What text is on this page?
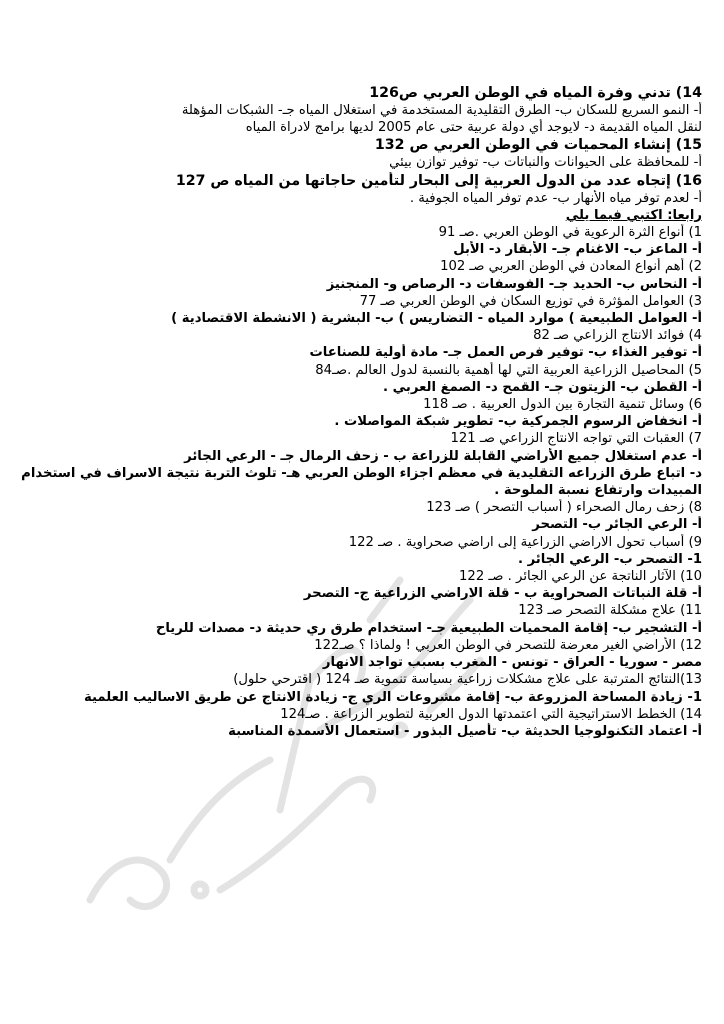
14) تدني وفرة المياه في الوطن العربي ص126
أ- النمو السريع للسكان ب- الطرق التقليدية المستخدمة في استغلال المياه جـ- الشبكات المؤهلة
لنقل المياه القديمة د- لايوجد أي دولة عربية حتى عام 2005 لديها برامج لادراة المياه
15) إنشاء المحميات في الوطن العربي ص 132
أ- للمحافظة على الحيوانات والنباتات ب- توفير توازن بيئي
16) إتجاه عدد من الدول العربية إلى البحار لتأمين حاجاتها من المياه ص 127
أ- لعدم توفر مياه الأنهار ب- عدم توفر المياه الجوفية .
رابعا: اكتبي فيما يلي
1) أنواع الثرة الرعوية في الوطن العربي .صـ 91
أ- الماعز ب- الاغنام جـ- الأبقار د- الأبل
2) أهم أنواع المعادن في الوطن العربي صـ 102
أ- النحاس ب- الحديد جـ- الفوسفات د- الرصاص و- المنجنيز
3) العوامل المؤثرة في توزيع السكان في الوطن العربي صـ 77
أ- العوامل الطبيعية ) موارد المياه - التضاريس ) ب- البشرية ( الانشطة الاقتصادية )
4) فوائد الانتاج الزراعي صـ 82
أ- توفير الغذاء ب- توفير فرص العمل جـ- مادة أولية للصناعات
5) المحاصيل الزراعية العربية التي لها أهمية بالنسبة لدول العالم .صـ84
أ- القطن ب- الزيتون جـ- القمح د- الصمغ العربي .
6) وسائل تنمية التجارة بين الدول العربية . صـ 118
أ- انخفاض الرسوم الجمركية ب- تطوير شبكة المواصلات .
7) العقبات التي تواجه الانتاج الزراعي صـ 121
أ- عدم استغلال جميع الأراضي القابلة للزراعة ب - زحف الرمال جـ - الرعي الجائر
د- اتباع طرق الزراعه التقليدية في معظم اجزاء الوطن العربي هـ- تلوث التربة نتيجة الاسراف في استخدام المبيدات وارتفاع نسبة الملوحة .
8) زحف رمال الصحراء ( أسباب التصحر ) صـ 123
أ- الرعي الجائر ب- التصحر
9) أسباب تحول الاراضي الزراعية إلى اراضي صحراوية . صـ 122
1- التصحر ب- الرعي الجائر .
10) الآثار الناتجة عن الرعي الجائر . صـ 122
أ- قلة النباتات الصحراوية ب - قلة الاراضي الزراعية ج- التصحر
11) علاج مشكلة التصحر صـ 123
أ- التشجير ب- إقامة المحميات الطبيعية جـ- استخدام طرق ري حديثة د- مصدات للرياح
12) الأراضي الغير معرضة للتصحر في الوطن العربي ! ولماذا ؟ صـ122
مصر - سوريا - العراق - تونس - المغرب بسبب تواجد الانهار
13)النتائج المترتبة على علاج مشكلات زراعية بسياسة تنموية صـ 124 ( اقترحي حلول)
1- زيادة المساحة المزروعة ب- إقامة مشروعات الري ج- زيادة الانتاج عن طريق الاساليب العلمية
14) الخطط الاستراتيجية التي اعتمدتها الدول العربية لتطوير الزراعة . صـ124
أ- اعتماد التكنولوجيا الحديثة ب- تأصيل البذور - استعمال الأسمدة المناسبة
